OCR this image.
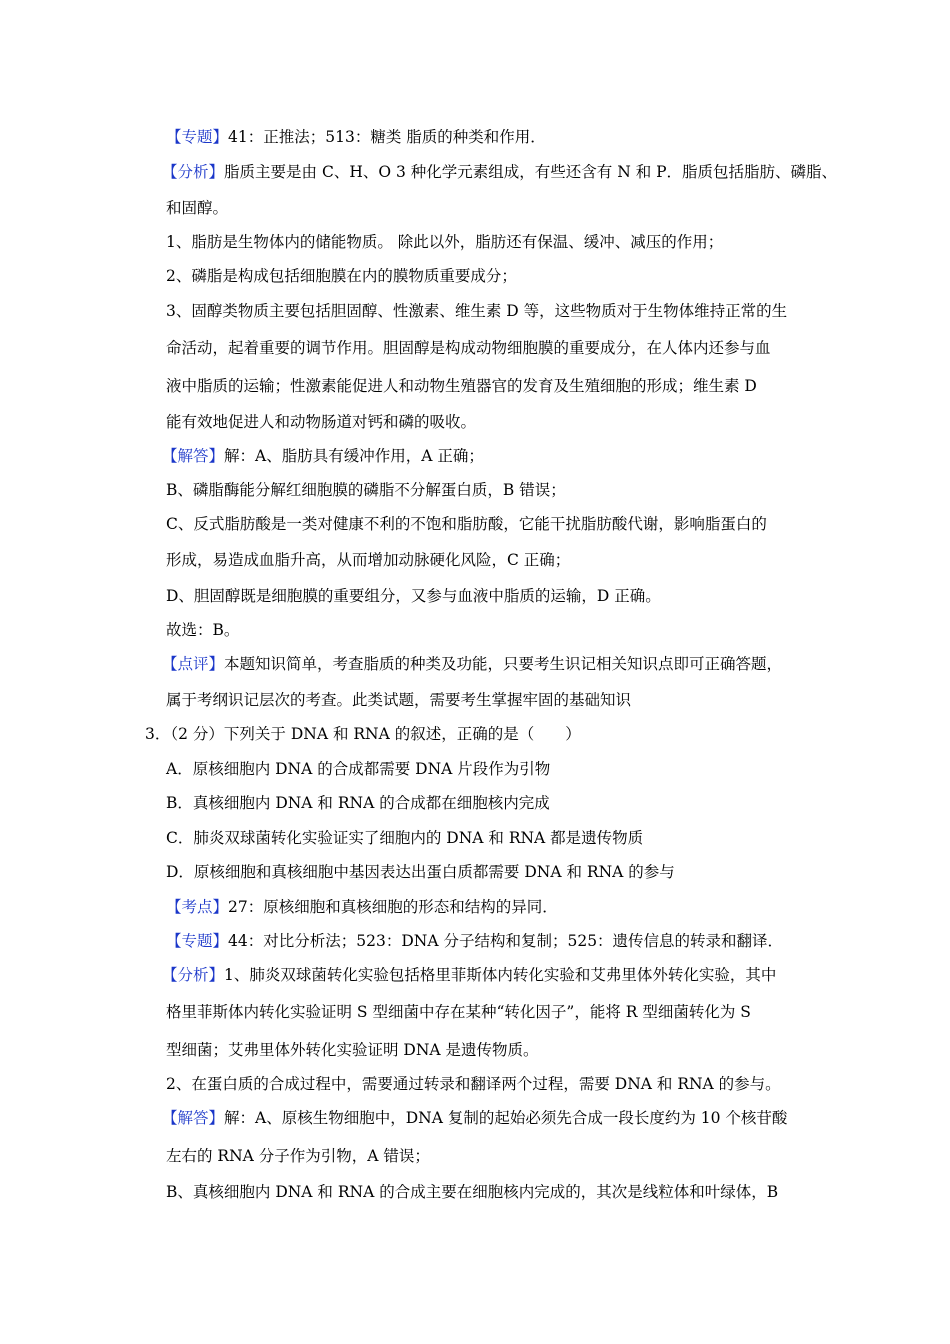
【专题】41：正推法；513：糖类 脂质的种类和作用．
【分析】脂质主要是由 C、H、O 3 种化学元素组成，有些还含有 N 和 P．脂质包括脂肪、磷脂、
和固醇。
1、脂肪是生物体内的储能物质。 除此以外，脂肪还有保温、缓冲、减压的作用；
2、磷脂是构成包括细胞膜在内的膜物质重要成分；
3、固醇类物质主要包括胆固醇、性激素、维生素 D 等，这些物质对于生物体维持正常的生
命活动，起着重要的调节作用。胆固醇是构成动物细胞膜的重要成分，在人体内还参与血
液中脂质的运输；性激素能促进人和动物生殖器官的发育及生殖细胞的形成；维生素 D
能有效地促进人和动物肠道对钙和磷的吸收。
【解答】解：A、脂肪具有缓冲作用，A 正确；
B、磷脂酶能分解红细胞膜的磷脂不分解蛋白质，B 错误；
C、反式脂肪酸是一类对健康不利的不饱和脂肪酸，它能干扰脂肪酸代谢，影响脂蛋白的
形成，易造成血脂升高，从而增加动脉硬化风险，C 正确；
D、胆固醇既是细胞膜的重要组分，又参与血液中脂质的运输，D 正确。
故选：B。
【点评】本题知识简单，考查脂质的种类及功能，只要考生识记相关知识点即可正确答题，
属于考纲识记层次的考查。此类试题，需要考生掌握牢固的基础知识
3．（2 分）下列关于 DNA 和 RNA 的叙述，正确的是（　　）
A．原核细胞内 DNA 的合成都需要 DNA 片段作为引物
B．真核细胞内 DNA 和 RNA 的合成都在细胞核内完成
C．肺炎双球菌转化实验证实了细胞内的 DNA 和 RNA 都是遗传物质
D．原核细胞和真核细胞中基因表达出蛋白质都需要 DNA 和 RNA 的参与
【考点】27：原核细胞和真核细胞的形态和结构的异同．
【专题】44：对比分析法；523：DNA 分子结构和复制；525：遗传信息的转录和翻译．
【分析】1、肺炎双球菌转化实验包括格里菲斯体内转化实验和艾弗里体外转化实验，其中
格里菲斯体内转化实验证明 S 型细菌中存在某种“转化因子”，能将 R 型细菌转化为 S
型细菌；艾弗里体外转化实验证明 DNA 是遗传物质。
2、在蛋白质的合成过程中，需要通过转录和翻译两个过程，需要 DNA 和 RNA 的参与。
【解答】解：A、原核生物细胞中，DNA 复制的起始必须先合成一段长度约为 10 个核苷酸
左右的 RNA 分子作为引物，A 错误；
B、真核细胞内 DNA 和 RNA 的合成主要在细胞核内完成的，其次是线粒体和叶绿体，B
